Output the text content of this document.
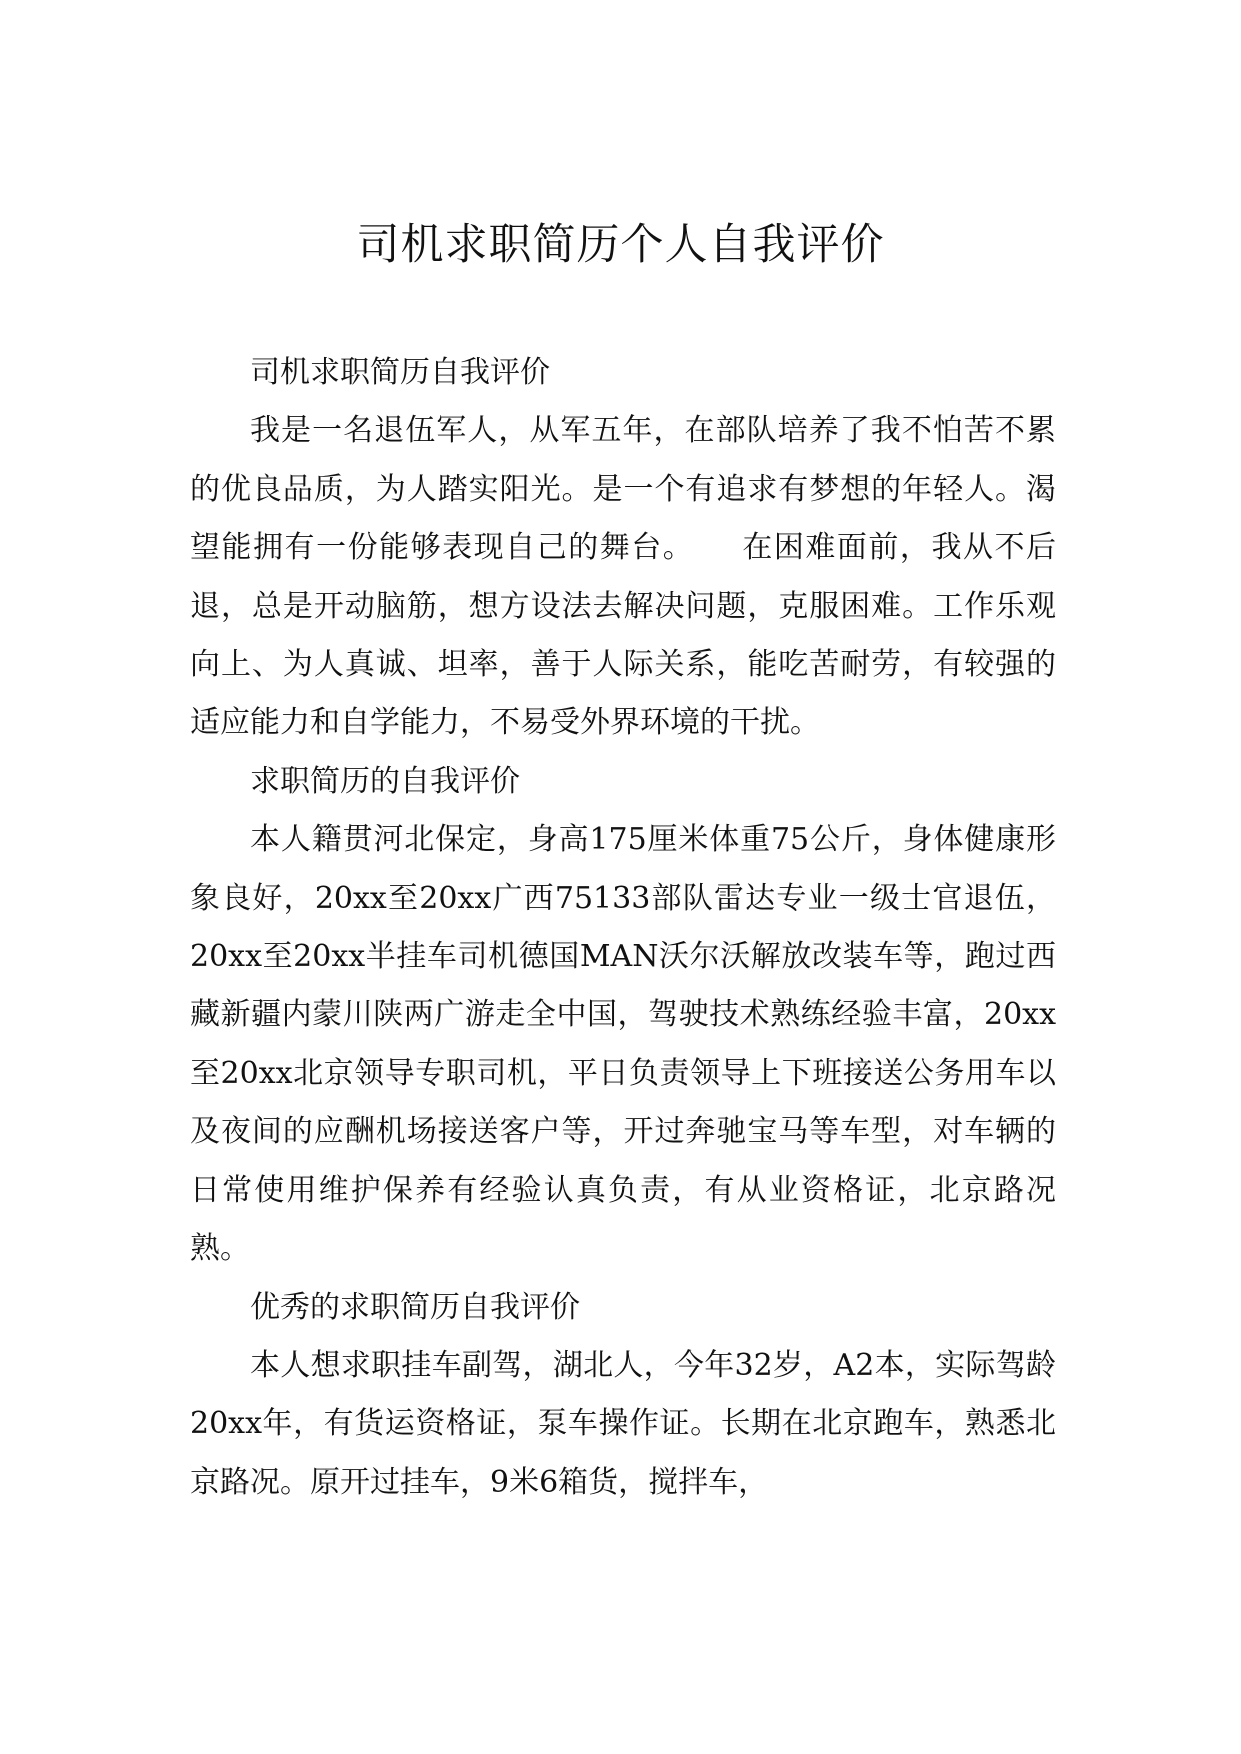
司机求职简历个人自我评价

司机求职简历自我评价

我是一名退伍军人，从军五年，在部队培养了我不怕苦不累的优良品质，为人踏实阳光。是一个有追求有梦想的年轻人。渴望能拥有一份能够表现自己的舞台。　　在困难面前，我从不后退，总是开动脑筋，想方设法去解决问题，克服困难。工作乐观向上、为人真诚、坦率，善于人际关系，能吃苦耐劳，有较强的适应能力和自学能力，不易受外界环境的干扰。

求职简历的自我评价

本人籍贯河北保定，身高175厘米体重75公斤，身体健康形象良好，20xx至20xx广西75133部队雷达专业一级士官退伍，20xx至20xx半挂车司机德国MAN沃尔沃解放改装车等，跑过西藏新疆内蒙川陕两广游走全中国，驾驶技术熟练经验丰富，20xx至20xx北京领导专职司机，平日负责领导上下班接送公务用车以及夜间的应酬机场接送客户等，开过奔驰宝马等车型，对车辆的日常使用维护保养有经验认真负责，有从业资格证，北京路况熟。

优秀的求职简历自我评价

本人想求职挂车副驾，湖北人，今年32岁，A2本，实际驾龄20xx年，有货运资格证，泵车操作证。长期在北京跑车，熟悉北京路况。原开过挂车，9米6箱货，搅拌车，
